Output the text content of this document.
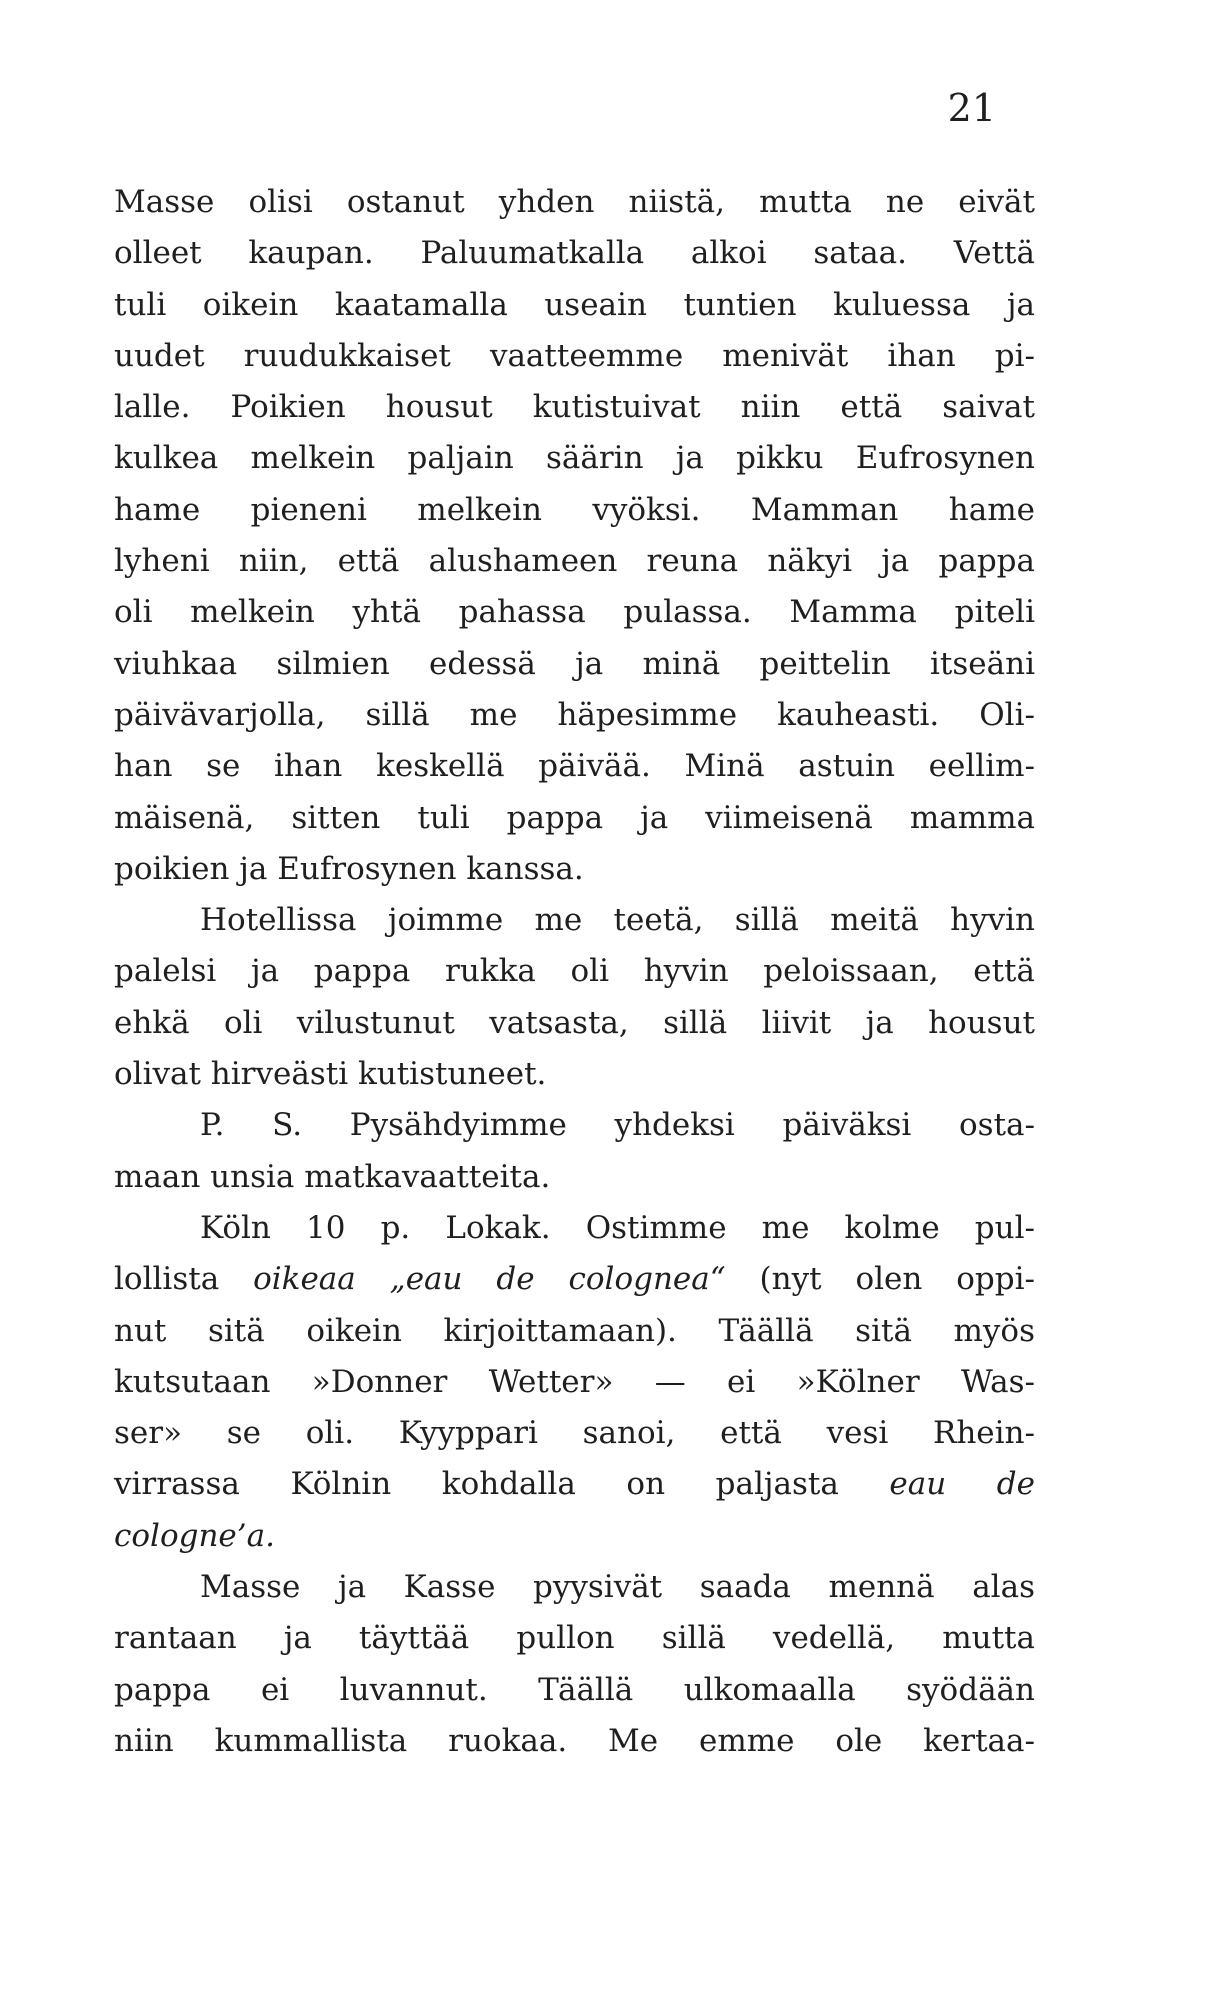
21
Masse olisi ostanut yhden niistä, mutta ne eivät
olleet kaupan. Paluumatkalla alkoi sataa. Vettä
tuli oikein kaatamalla useain tuntien kuluessa ja
uudet ruudukkaiset vaatteemme menivät ihan pi-
lalle. Poikien housut kutistuivat niin että saivat
kulkea melkein paljain säärin ja pikku Eufrosynen
hame pieneni melkein vyöksi. Mamman hame
lyheni niin, että alushameen reuna näkyi ja pappa
oli melkein yhtä pahassa pulassa. Mamma piteli
viuhkaa silmien edessä ja minä peittelin itseäni
päivävarjolla, sillä me häpesimme kauheasti. Oli-
han se ihan keskellä päivää. Minä astuin eellim-
mäisenä, sitten tuli pappa ja viimeisenä mamma
poikien ja Eufrosynen kanssa.
Hotellissa joimme me teetä, sillä meitä hyvin
palelsi ja pappa rukka oli hyvin peloissaan, että
ehkä oli vilustunut vatsasta, sillä liivit ja housut
olivat hirveästi kutistuneet.
P. S. Pysähdyimme yhdeksi päiväksi osta-
maan unsia matkavaatteita.
Köln 10 p. Lokak. Ostimme me kolme pul-
lollista oikeaa „eau de colognea“ (nyt olen oppi-
nut sitä oikein kirjoittamaan). Täällä sitä myös
kutsutaan »Donner Wetter» — ei »Kölner Was-
ser» se oli. Kyyppari sanoi, että vesi Rhein-
virrassa Kölnin kohdalla on paljasta eau de
cologne’a.
Masse ja Kasse pyysivät saada mennä alas
rantaan ja täyttää pullon sillä vedellä, mutta
pappa ei luvannut. Täällä ulkomaalla syödään
niin kummallista ruokaa. Me emme ole kertaa-
